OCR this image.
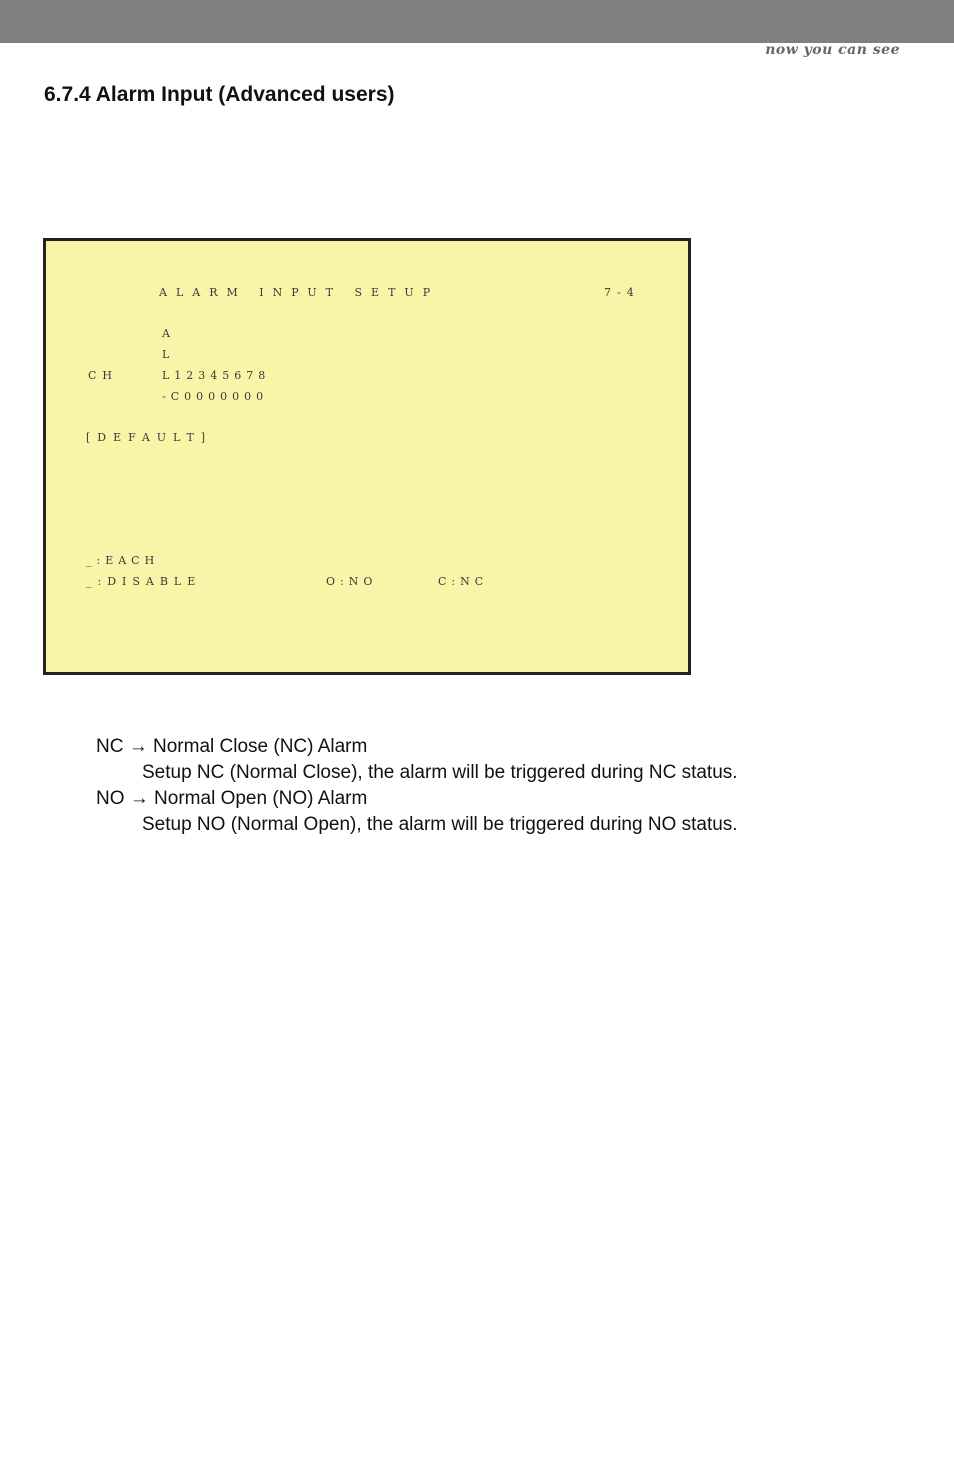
now you can see
6.7.4 Alarm Input (Advanced users)
ALARM INPUT SETUP	7-4
A
L
CH	L12345678
-C0000000
[DEFAULT]
_:EACH
_:DISABLE	O:NO	C:NC

NC → Normal Close (NC) Alarm

Setup NC (Normal Close), the alarm will be triggered during NC status.

NO → Normal Open (NO) Alarm

Setup NO (Normal Open), the alarm will be triggered during NO status.
